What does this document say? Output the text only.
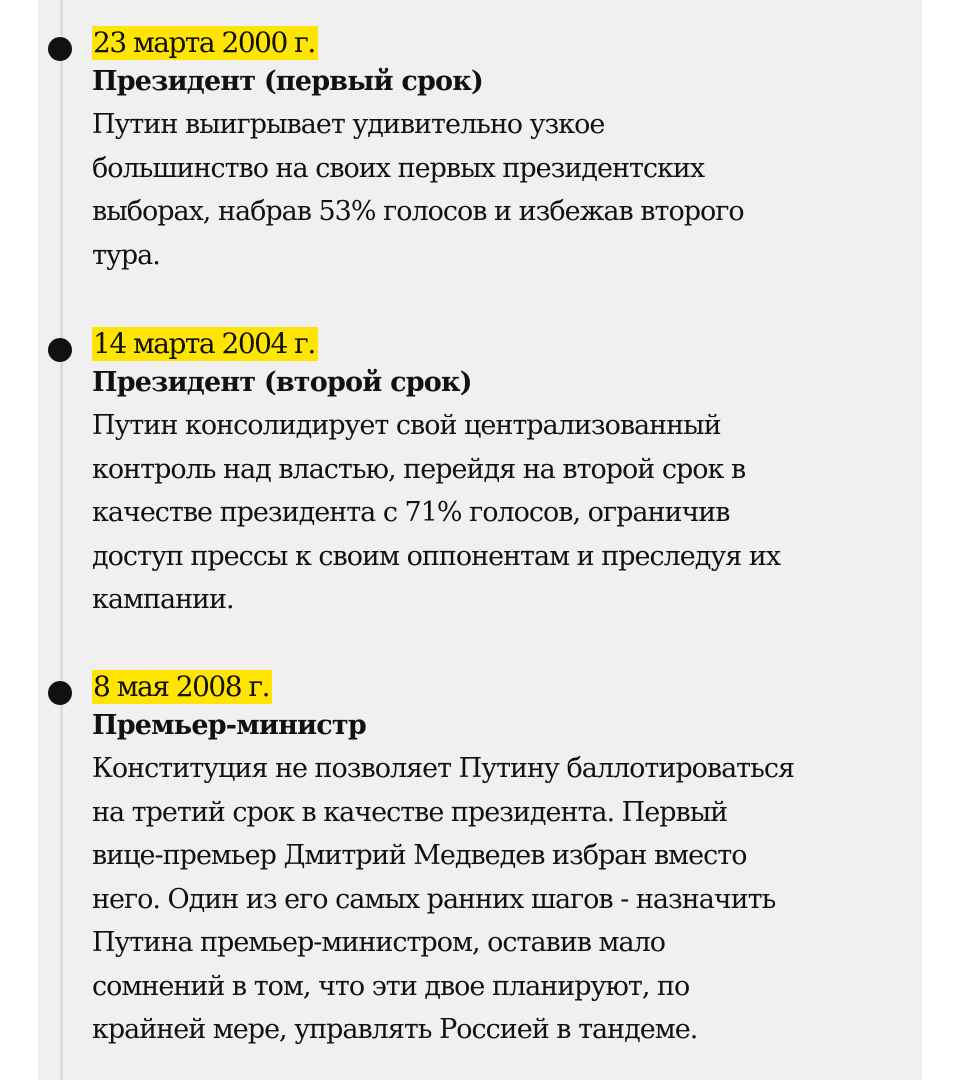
23 марта 2000 г.
Президент (первый срок)
Путин выигрывает удивительно узкое
большинство на своих первых президентских
выборах, набрав 53% голосов и избежав второго
тура.
14 марта 2004 г.
Президент (второй срок)
Путин консолидирует свой централизованный
контроль над властью, перейдя на второй срок в
качестве президента с 71% голосов, ограничив
доступ прессы к своим оппонентам и преследуя их
кампании.
8 мая 2008 г.
Премьер-министр
Конституция не позволяет Путину баллотироваться
на третий срок в качестве президента. Первый
вице-премьер Дмитрий Медведев избран вместо
него. Один из его самых ранних шагов - назначить
Путина премьер-министром, оставив мало
сомнений в том, что эти двое планируют, по
крайней мере, управлять Россией в тандеме.
